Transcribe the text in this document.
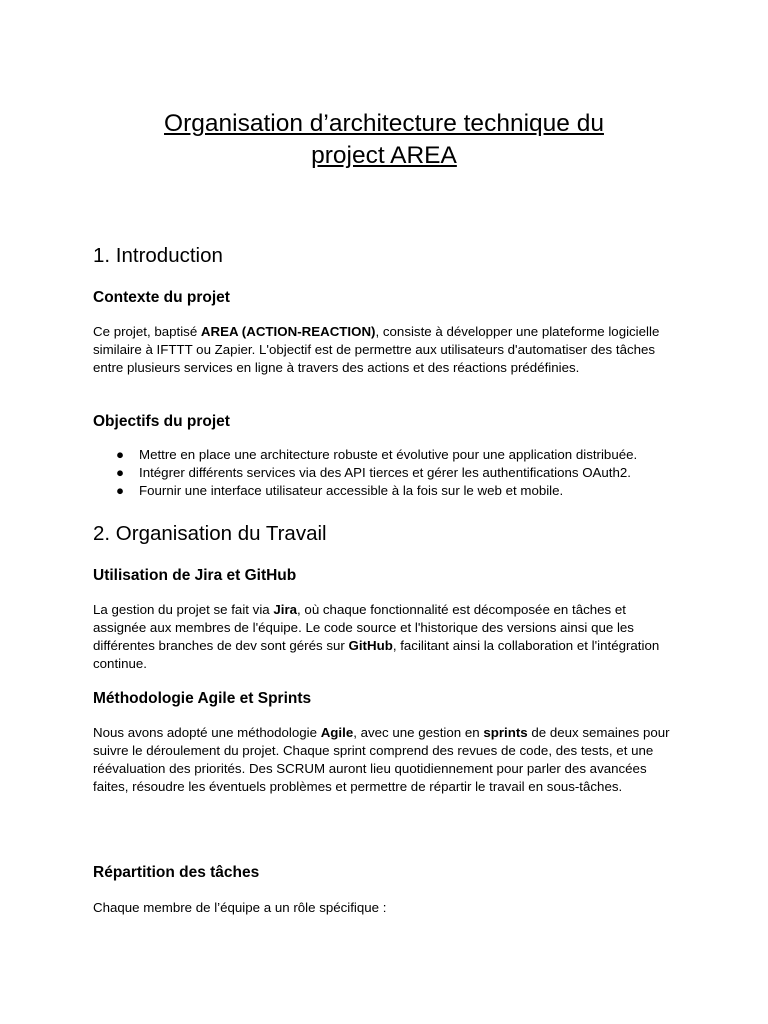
Organisation d’architecture technique du
project AREA
1. Introduction
Contexte du projet

Ce projet, baptisé AREA (ACTION-REACTION), consiste à développer une plateforme logicielle similaire à IFTTT ou Zapier. L'objectif est de permettre aux utilisateurs d'automatiser des tâches entre plusieurs services en ligne à travers des actions et des réactions prédéfinies.

Objectifs du projet
● Mettre en place une architecture robuste et évolutive pour une application distribuée.
● Intégrer différents services via des API tierces et gérer les authentifications OAuth2.
● Fournir une interface utilisateur accessible à la fois sur le web et mobile.
2. Organisation du Travail
Utilisation de Jira et GitHub

La gestion du projet se fait via Jira, où chaque fonctionnalité est décomposée en tâches et assignée aux membres de l'équipe. Le code source et l'historique des versions ainsi que les différentes branches de dev sont gérés sur GitHub, facilitant ainsi la collaboration et l'intégration continue.

Méthodologie Agile et Sprints

Nous avons adopté une méthodologie Agile, avec une gestion en sprints de deux semaines pour suivre le déroulement du projet. Chaque sprint comprend des revues de code, des tests, et une réévaluation des priorités. Des SCRUM auront lieu quotidiennement pour parler des avancées faites, résoudre les éventuels problèmes et permettre de répartir le travail en sous-tâches.

Répartition des tâches

Chaque membre de l’équipe a un rôle spécifique :
